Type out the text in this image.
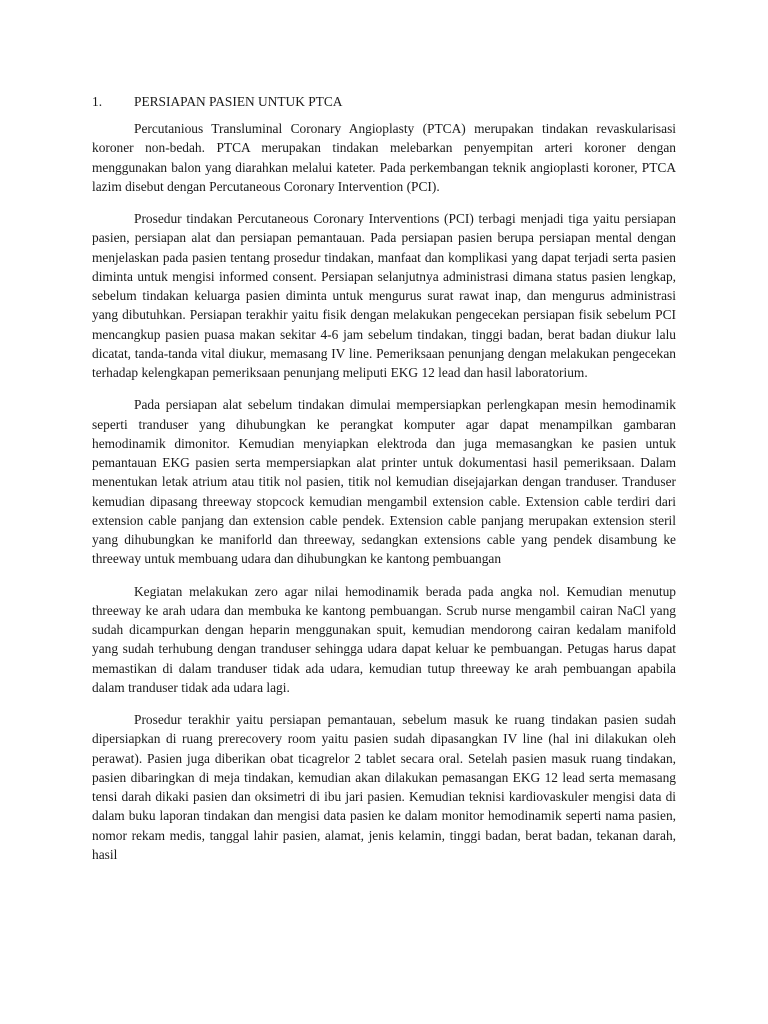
1.	PERSIAPAN PASIEN UNTUK PTCA

Percutanious Transluminal Coronary Angioplasty (PTCA) merupakan tindakan revaskularisasi koroner non-bedah. PTCA merupakan tindakan melebarkan penyempitan arteri koroner dengan menggunakan balon yang diarahkan melalui kateter. Pada perkembangan teknik angioplasti koroner, PTCA lazim disebut dengan Percutaneous Coronary Intervention (PCI).

Prosedur tindakan Percutaneous Coronary Interventions (PCI) terbagi menjadi tiga yaitu persiapan pasien, persiapan alat dan persiapan pemantauan. Pada persiapan pasien berupa persiapan mental dengan menjelaskan pada pasien tentang prosedur tindakan, manfaat dan komplikasi yang dapat terjadi serta pasien diminta untuk mengisi informed consent. Persiapan selanjutnya administrasi dimana status pasien lengkap, sebelum tindakan keluarga pasien diminta untuk mengurus surat rawat inap, dan mengurus administrasi yang dibutuhkan. Persiapan terakhir yaitu fisik dengan melakukan pengecekan persiapan fisik sebelum PCI mencangkup pasien puasa makan sekitar 4-6 jam sebelum tindakan, tinggi badan, berat badan diukur lalu dicatat, tanda-tanda vital diukur, memasang IV line. Pemeriksaan penunjang dengan melakukan pengecekan terhadap kelengkapan pemeriksaan penunjang meliputi EKG 12 lead dan hasil laboratorium.

Pada persiapan alat sebelum tindakan dimulai mempersiapkan perlengkapan mesin hemodinamik seperti tranduser yang dihubungkan ke perangkat komputer agar dapat menampilkan gambaran hemodinamik dimonitor. Kemudian menyiapkan elektroda dan juga memasangkan ke pasien untuk pemantauan EKG pasien serta mempersiapkan alat printer untuk dokumentasi hasil pemeriksaan. Dalam menentukan letak atrium atau titik nol pasien, titik nol kemudian disejajarkan dengan tranduser. Tranduser kemudian dipasang threeway stopcock kemudian mengambil extension cable. Extension cable terdiri dari extension cable panjang dan extension cable pendek. Extension cable panjang merupakan extension steril yang dihubungkan ke maniforld dan threeway, sedangkan extensions cable yang pendek disambung ke threeway untuk membuang udara dan dihubungkan ke kantong pembuangan

Kegiatan melakukan zero agar nilai hemodinamik berada pada angka nol. Kemudian menutup threeway ke arah udara dan membuka ke kantong pembuangan. Scrub nurse mengambil cairan NaCl yang sudah dicampurkan dengan heparin menggunakan spuit, kemudian mendorong cairan kedalam manifold yang sudah terhubung dengan tranduser sehingga udara dapat keluar ke pembuangan. Petugas harus dapat memastikan di dalam tranduser tidak ada udara, kemudian tutup threeway ke arah pembuangan apabila dalam tranduser tidak ada udara lagi.

Prosedur terakhir yaitu persiapan pemantauan, sebelum masuk ke ruang tindakan pasien sudah dipersiapkan di ruang prerecovery room yaitu pasien sudah dipasangkan IV line (hal ini dilakukan oleh perawat). Pasien juga diberikan obat ticagrelor 2 tablet secara oral. Setelah pasien masuk ruang tindakan, pasien dibaringkan di meja tindakan, kemudian akan dilakukan pemasangan EKG 12 lead serta memasang tensi darah dikaki pasien dan oksimetri di ibu jari pasien. Kemudian teknisi kardiovaskuler mengisi data di dalam buku laporan tindakan dan mengisi data pasien ke dalam monitor hemodinamik seperti nama pasien, nomor rekam medis, tanggal lahir pasien, alamat, jenis kelamin, tinggi badan, berat badan, tekanan darah, hasil
